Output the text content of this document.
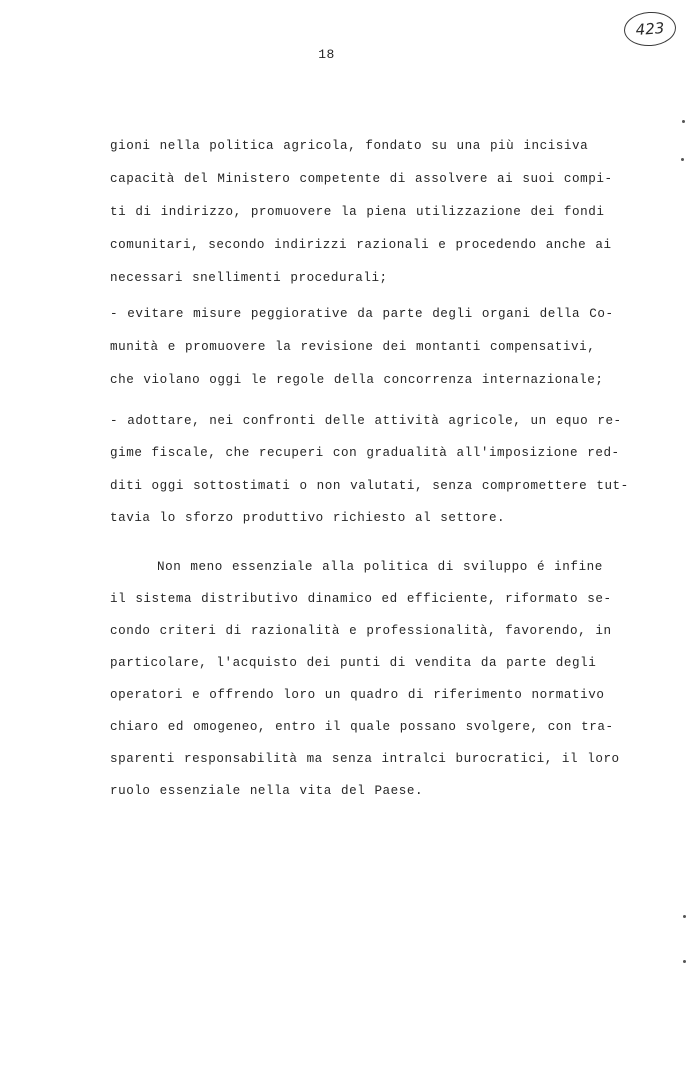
18
423
gioni nella politica agricola, fondato su una più incisiva
capacità del Ministero competente di assolvere ai suoi compi-
ti di indirizzo, promuovere la piena utilizzazione dei fondi
comunitari, secondo indirizzi razionali e procedendo anche ai
necessari snellimenti procedurali;
- evitare misure peggiorative da parte degli organi della Co-
munità e promuovere la revisione dei montanti compensativi,
che violano oggi le regole della concorrenza internazionale;
- adottare, nei confronti delle attività agricole, un equo re-
gime fiscale, che recuperi con gradualità all'imposizione red-
diti oggi sottostimati o non valutati, senza compromettere tut-
tavia lo sforzo produttivo richiesto al settore.
Non meno essenziale alla politica di sviluppo é infine
il sistema distributivo dinamico ed efficiente, riformato se-
condo criteri di razionalità e professionalità, favorendo, in
particolare, l'acquisto dei punti di vendita da parte degli
operatori e offrendo loro un quadro di riferimento normativo
chiaro ed omogeneo, entro il quale possano svolgere, con tra-
sparenti responsabilità ma senza intralci burocratici, il loro
ruolo essenziale nella vita del Paese.
